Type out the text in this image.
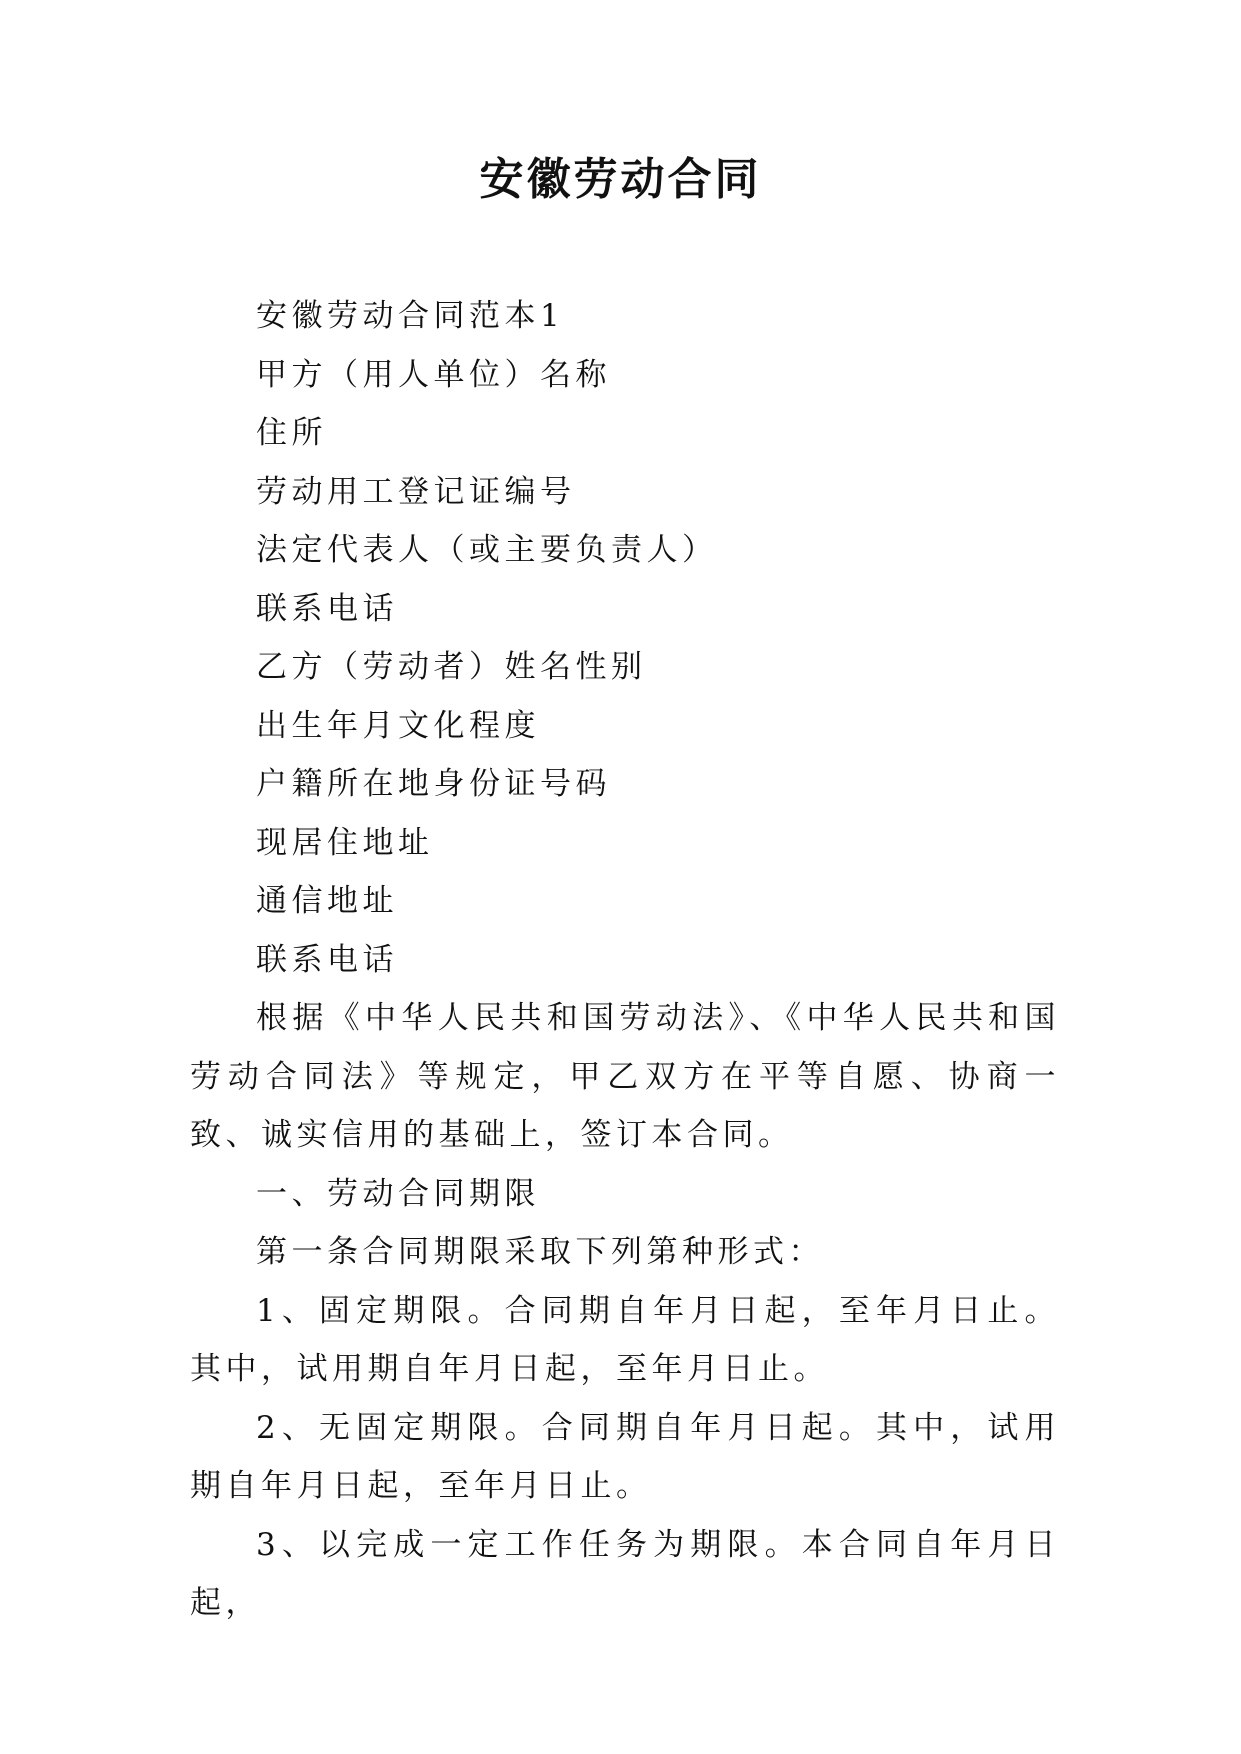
安徽劳动合同

安徽劳动合同范本1

甲方（用人单位）名称

住所

劳动用工登记证编号

法定代表人（或主要负责人）

联系电话

乙方（劳动者）姓名性别

出生年月文化程度

户籍所在地身份证号码

现居住地址

通信地址

联系电话

根据《中华人民共和国劳动法》、《中华人民共和国劳动合同法》等规定，甲乙双方在平等自愿、协商一致、诚实信用的基础上，签订本合同。

一、劳动合同期限

第一条合同期限采取下列第种形式：

1、固定期限。合同期自年月日起，至年月日止。其中，试用期自年月日起，至年月日止。

2、无固定期限。合同期自年月日起。其中，试用期自年月日起，至年月日止。

3、以完成一定工作任务为期限。本合同自年月日起，
